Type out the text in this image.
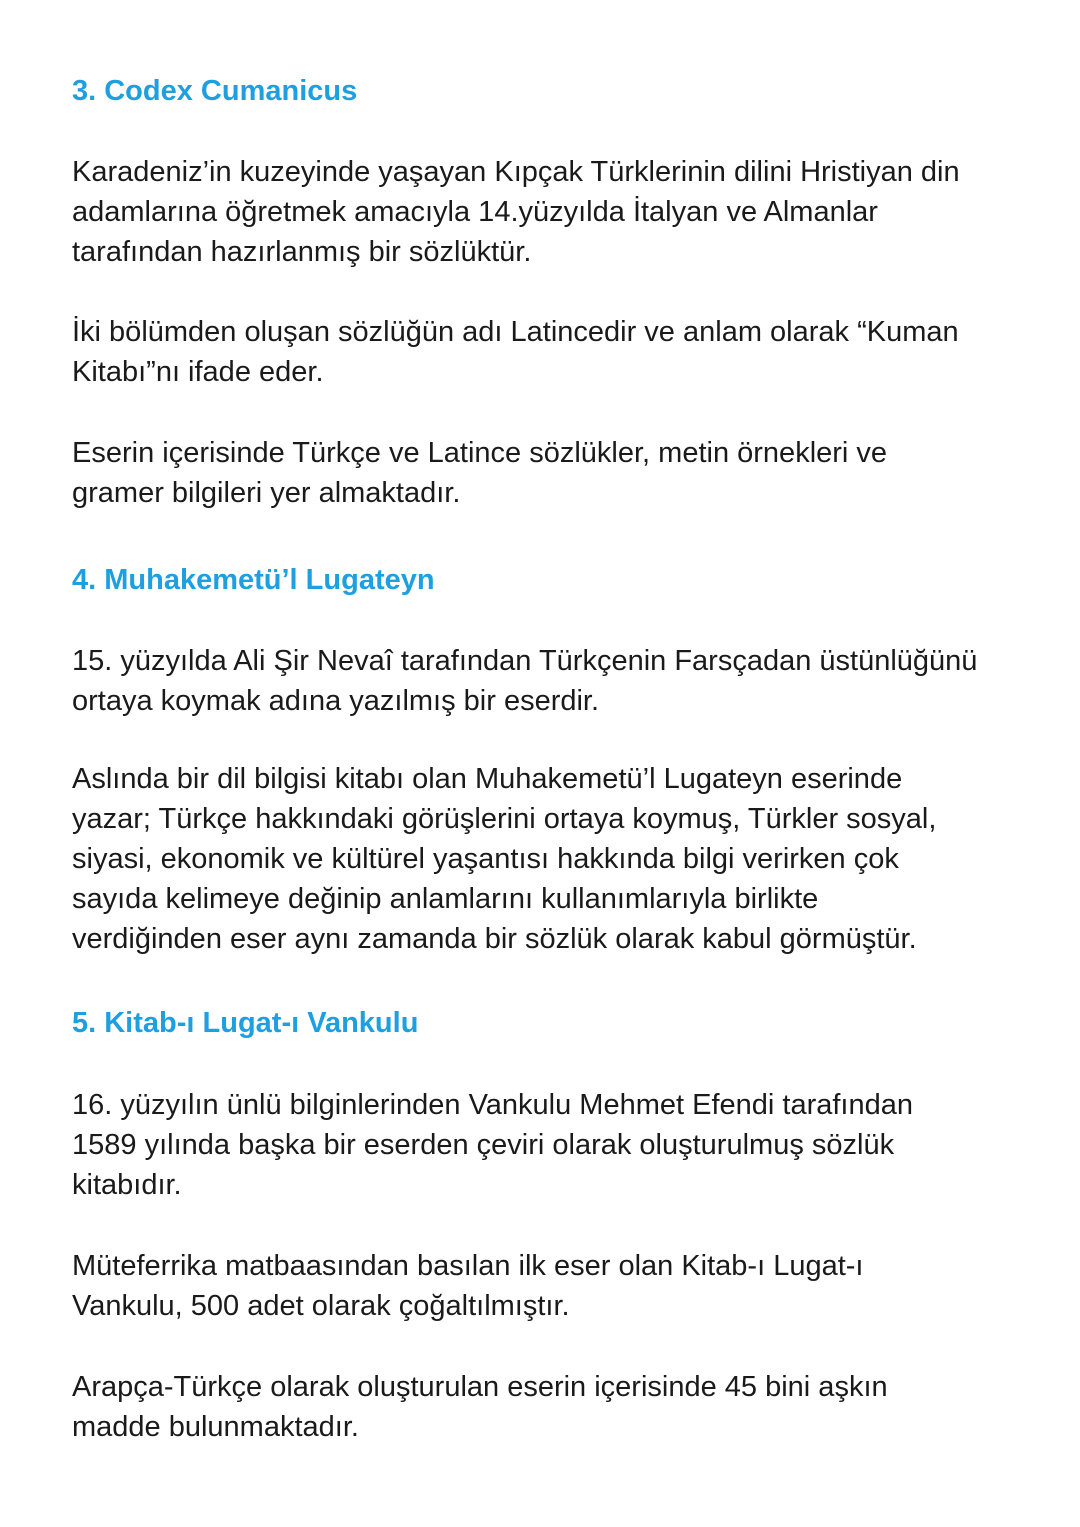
3. Codex Cumanicus

Karadeniz’in kuzeyinde yaşayan Kıpçak Türklerinin dilini Hristiyan din
adamlarına öğretmek amacıyla 14.yüzyılda İtalyan ve Almanlar
tarafından hazırlanmış bir sözlüktür.

İki bölümden oluşan sözlüğün adı Latincedir ve anlam olarak “Kuman
Kitabı”nı ifade eder.

Eserin içerisinde Türkçe ve Latince sözlükler, metin örnekleri ve
gramer bilgileri yer almaktadır.

4. Muhakemetü’l Lugateyn

15. yüzyılda Ali Şir Nevaî tarafından Türkçenin Farsçadan üstünlüğünü
ortaya koymak adına yazılmış bir eserdir.

Aslında bir dil bilgisi kitabı olan Muhakemetü’l Lugateyn eserinde
yazar; Türkçe hakkındaki görüşlerini ortaya koymuş, Türkler sosyal,
siyasi, ekonomik ve kültürel yaşantısı hakkında bilgi verirken çok
sayıda kelimeye değinip anlamlarını kullanımlarıyla birlikte
verdiğinden eser aynı zamanda bir sözlük olarak kabul görmüştür.

5. Kitab-ı Lugat-ı Vankulu

16. yüzyılın ünlü bilginlerinden Vankulu Mehmet Efendi tarafından
1589 yılında başka bir eserden çeviri olarak oluşturulmuş sözlük
kitabıdır.

Müteferrika matbaasından basılan ilk eser olan Kitab-ı Lugat-ı
Vankulu, 500 adet olarak çoğaltılmıştır.

Arapça-Türkçe olarak oluşturulan eserin içerisinde 45 bini aşkın
madde bulunmaktadır.
